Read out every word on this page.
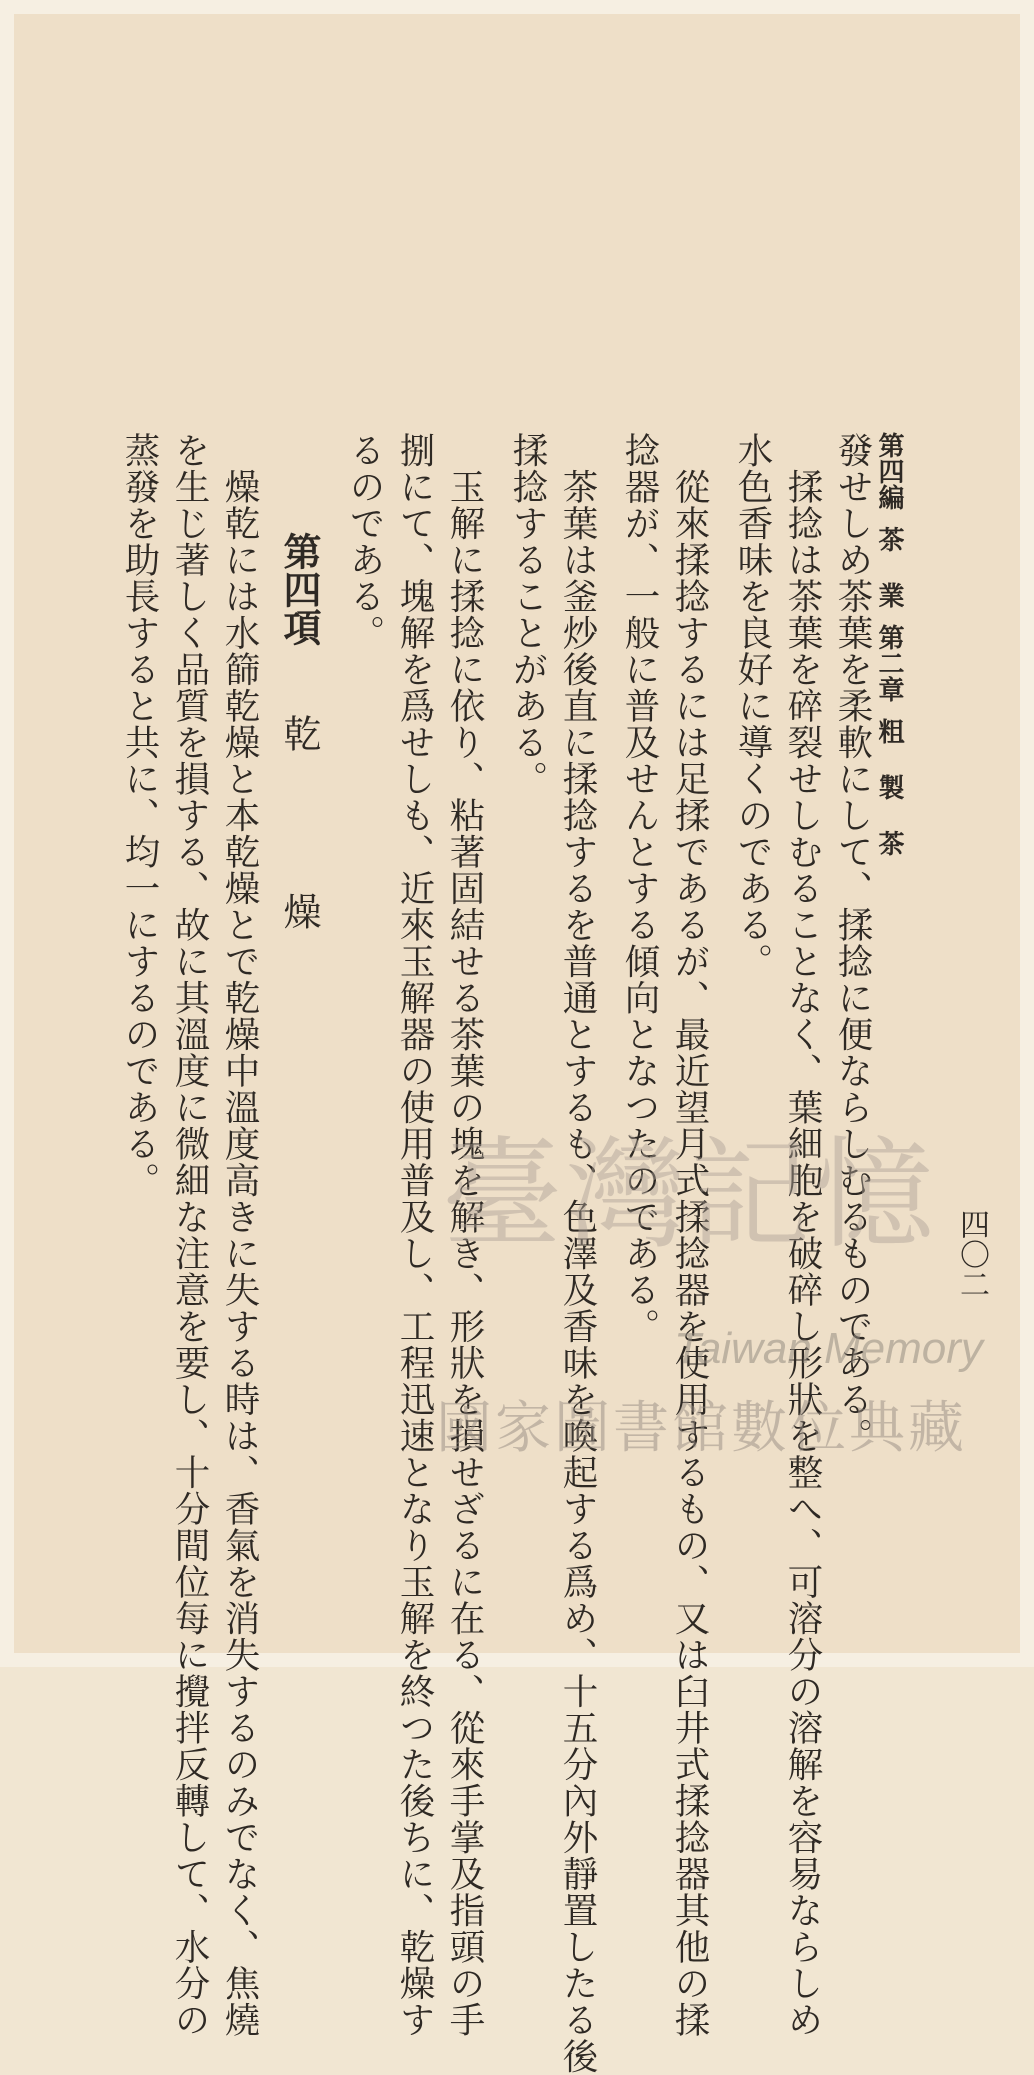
第四編茶 業第二章粗 製 茶
四〇二
發せしめ茶葉を柔軟にして、揉捻に便ならしむるものである。
　揉捻は茶葉を碎裂せしむることなく、葉細胞を破碎し形狀を整へ、可溶分の溶解を容易ならしめ
水色香味を良好に導くのである。
　從來揉捻するには足揉であるが、最近望月式揉捻器を使用するもの、又は臼井式揉捻器其他の揉
捻器が、一般に普及せんとする傾向となつたのである。
　茶葉は釜炒後直に揉捻するを普通とするも、色澤及香味を喚起する爲め、十五分內外靜置したる後
揉捻することがある。
　玉解に揉捻に依り、粘著固結せる茶葉の塊を解き、形狀を損せざるに在る、從來手掌及指頭の手
捌にて、塊解を爲せしも、近來玉解器の使用普及し、工程迅速となり玉解を終つた後ちに、乾燥す
るのである。
第四項
乾燥
　燥乾には水篩乾燥と本乾燥とで乾燥中溫度高きに失する時は、香氣を消失するのみでなく、焦燒
を生じ著しく品質を損する、故に其溫度に微細な注意を要し、十分間位每に攪拌反轉して、水分の
蒸發を助長すると共に、均一にするのである。 臺灣記憶
Taiwan Memory
國家圖書館數位典藏
